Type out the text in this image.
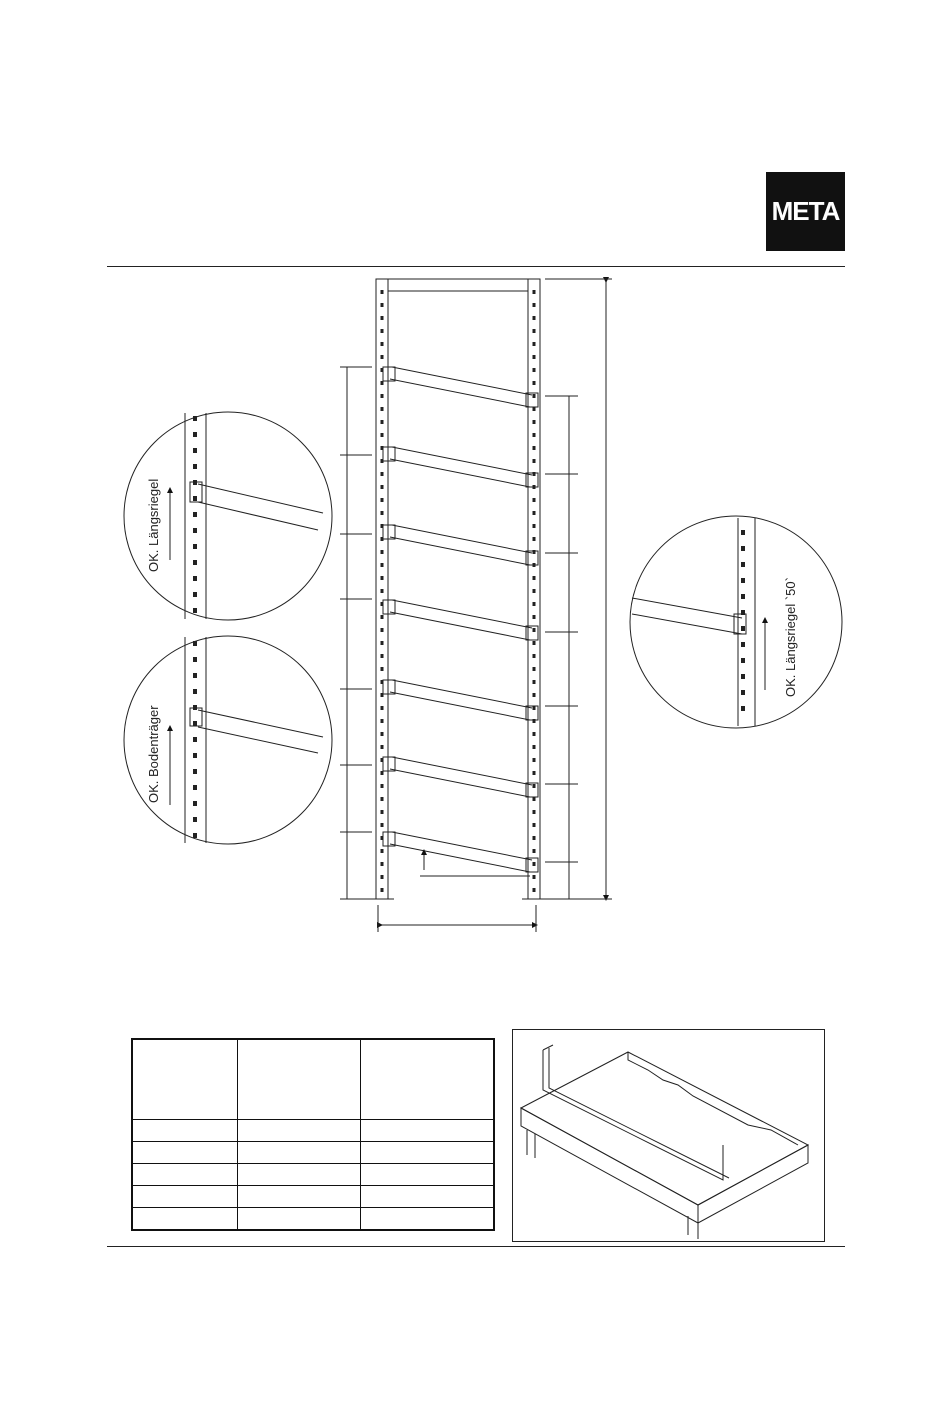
META
OK. Längsriegel
OK. Bodenträger
OK. Längsriegel `50`
